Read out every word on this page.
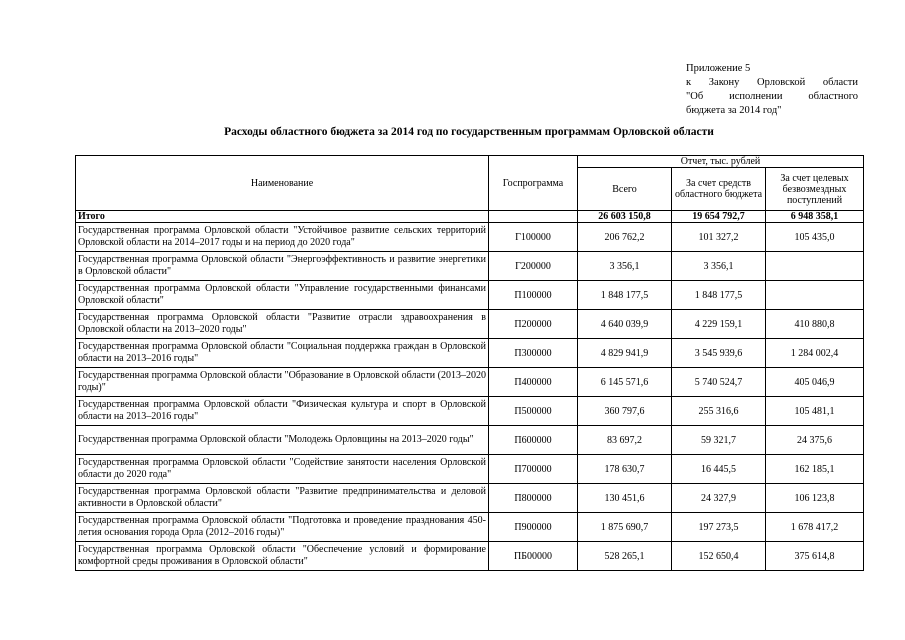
Приложение 5
к Закону Орловской области
"Об исполнении областного
бюджета за 2014 год"
Расходы областного бюджета за 2014 год по государственным программам Орловской области
Наименование	Госпрограмма	Отчет, тыс. рублей		
		Всего	За счет средств областного бюджета	За счет целевых безвозмездных поступлений
Итого		26 603 150,8	19 654 792,7	6 948 358,1
Государственная программа Орловской области "Устойчивое развитие сельских территорий Орловской области на 2014–2017 годы и на период до 2020 года"	Г100000	206 762,2	101 327,2	105 435,0
Государственная программа Орловской области "Энергоэффективность и развитие энергетики в Орловской области"	Г200000	3 356,1	3 356,1	
Государственная программа Орловской области "Управление государственными финансами Орловской области"	П100000	1 848 177,5	1 848 177,5	
Государственная программа Орловской области "Развитие отрасли здравоохранения в Орловской области на 2013–2020 годы"	П200000	4 640 039,9	4 229 159,1	410 880,8
Государственная программа Орловской области "Социальная поддержка граждан в Орловской области на 2013–2016 годы"	П300000	4 829 941,9	3 545 939,6	1 284 002,4
Государственная программа Орловской области "Образование в Орловской области (2013–2020 годы)"	П400000	6 145 571,6	5 740 524,7	405 046,9
Государственная программа Орловской области "Физическая культура и спорт в Орловской области на 2013–2016 годы"	П500000	360 797,6	255 316,6	105 481,1
Государственная программа Орловской области "Молодежь Орловщины на 2013–2020 годы"	П600000	83 697,2	59 321,7	24 375,6
Государственная программа Орловской области "Содействие занятости населения Орловской области до 2020 года"	П700000	178 630,7	16 445,5	162 185,1
Государственная программа Орловской области "Развитие предпринимательства и деловой активности в Орловской области"	П800000	130 451,6	24 327,9	106 123,8
Государственная программа Орловской области "Подготовка и проведение празднования 450-летия основания города Орла (2012–2016 годы)"	П900000	1 875 690,7	197 273,5	1 678 417,2
Государственная программа Орловской области "Обеспечение условий и формирование комфортной среды проживания в Орловской области"	ПБ00000	528 265,1	152 650,4	375 614,8
